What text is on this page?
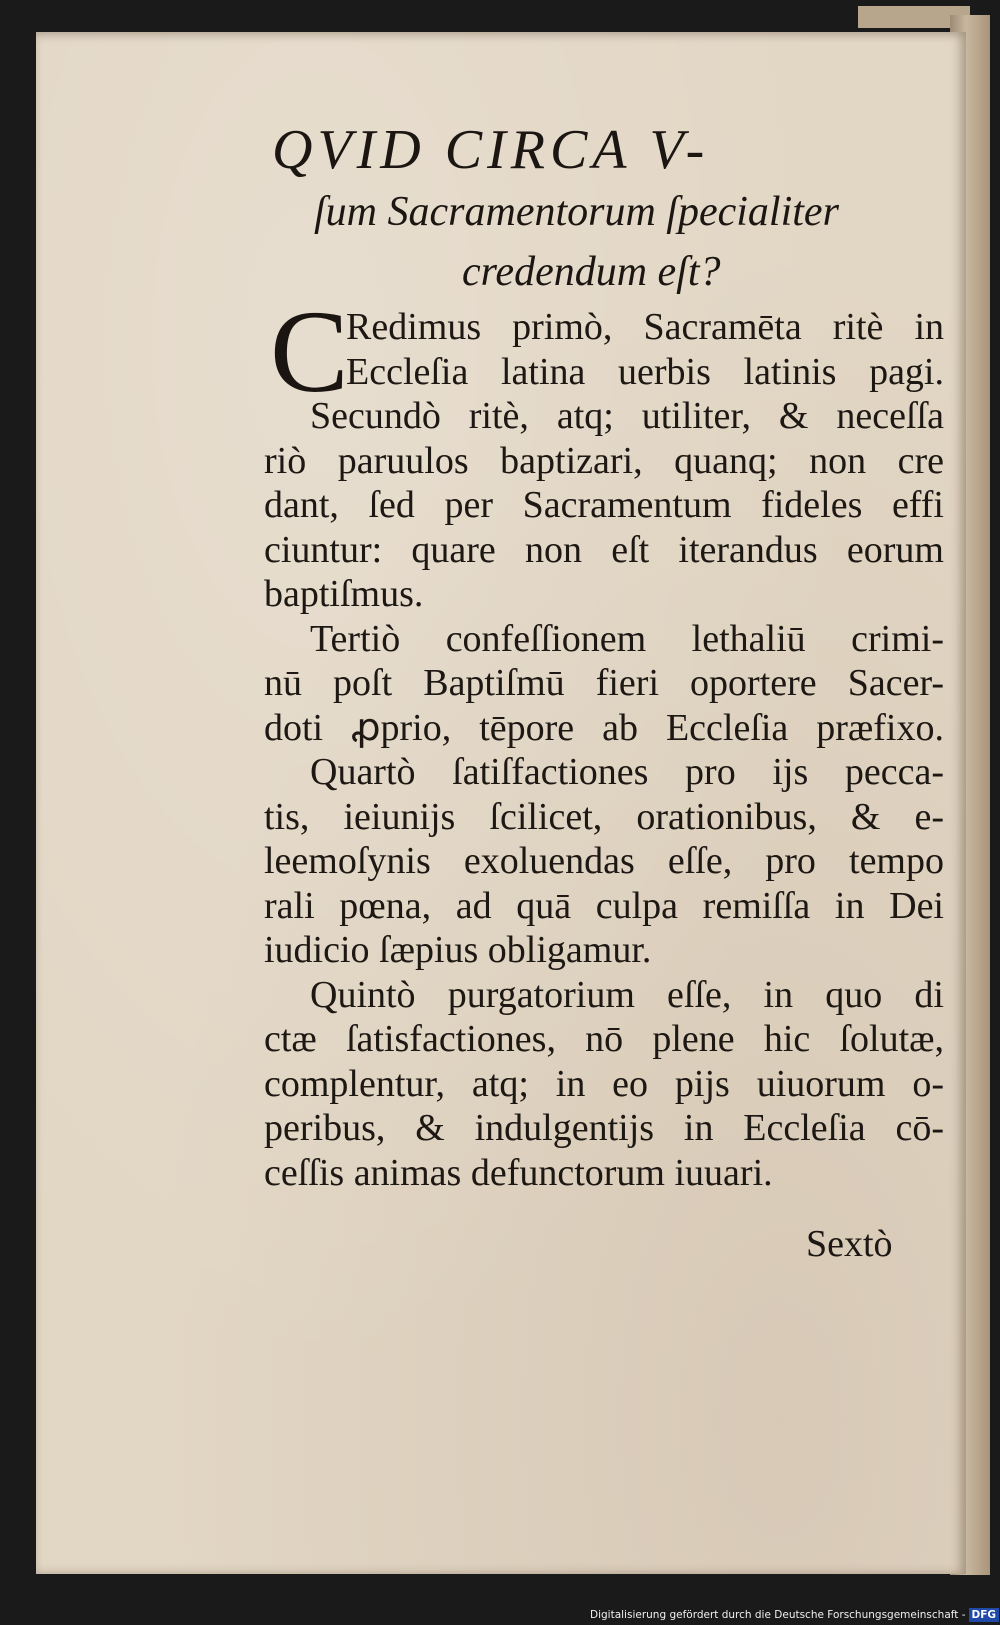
QVID CIRCA V-
ſum Sacramentorum ſpecialiter
credendum eſt?
C
Redimus primò, Sacramēta ritè in
Eccleſia latina uerbis latinis pagi.
Secundò ritè, atq; utiliter, & neceſſa
riò paruulos baptizari, quanq; non cre
dant, ſed per Sacramentum fideles effi
ciuntur: quare non eſt iterandus eorum
baptiſmus.
Tertiò confeſſionem lethaliū crimi-
nū poſt Baptiſmū fieri oportere Sacer-
doti ꝓprio, tēpore ab Eccleſia præfixo.
Quartò ſatiſfactiones pro ijs pecca-
tis, ieiunijs ſcilicet, orationibus, & e-
leemoſynis exoluendas eſſe, pro tempo
rali pœna, ad quā culpa remiſſa in Dei
iudicio ſæpius obligamur.
Quintò purgatorium eſſe, in quo di
ctæ ſatisfactiones, nō plene hic ſolutæ,
complentur, atq; in eo pijs uiuorum o-
peribus, & indulgentijs in Eccleſia cō-
ceſſis animas defunctorum iuuari.
Sextò
Digitalisierung gefördert durch die Deutsche Forschungsgemeinschaft - DFG
